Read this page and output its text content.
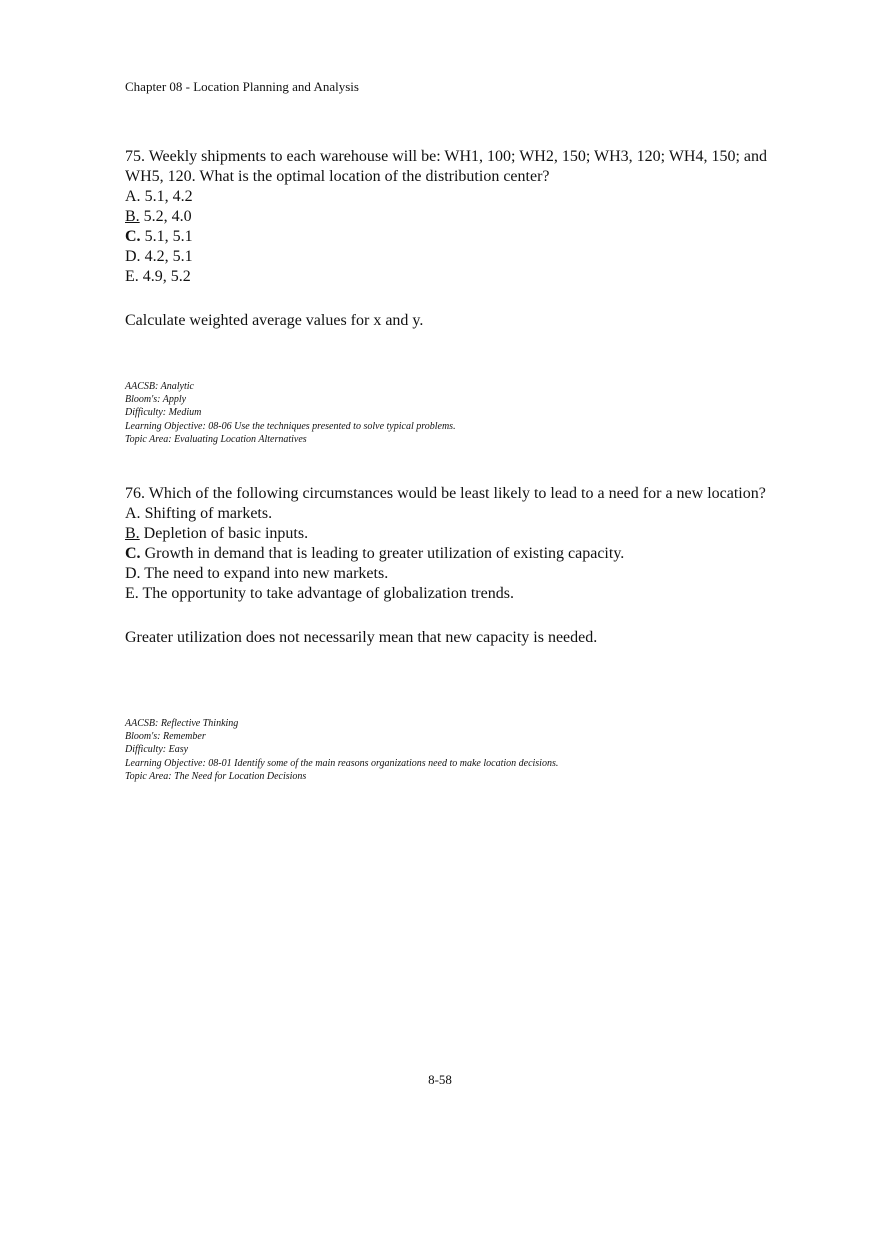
Chapter 08 - Location Planning and Analysis

75. Weekly shipments to each warehouse will be: WH1, 100; WH2, 150; WH3, 120; WH4, 150; and WH5, 120. What is the optimal location of the distribution center?

A. 5.1, 4.2

B. 5.2, 4.0

C. 5.1, 5.1

D. 4.2, 5.1

E. 4.9, 5.2

Calculate weighted average values for x and y.

AACSB: Analytic
Bloom's: Apply
Difficulty: Medium
Learning Objective: 08-06 Use the techniques presented to solve typical problems.
Topic Area: Evaluating Location Alternatives

76. Which of the following circumstances would be least likely to lead to a need for a new location?

A. Shifting of markets.

B. Depletion of basic inputs.

C. Growth in demand that is leading to greater utilization of existing capacity.

D. The need to expand into new markets.

E. The opportunity to take advantage of globalization trends.

Greater utilization does not necessarily mean that new capacity is needed.

AACSB: Reflective Thinking
Bloom's: Remember
Difficulty: Easy
Learning Objective: 08-01 Identify some of the main reasons organizations need to make location decisions.
Topic Area: The Need for Location Decisions
8-58
